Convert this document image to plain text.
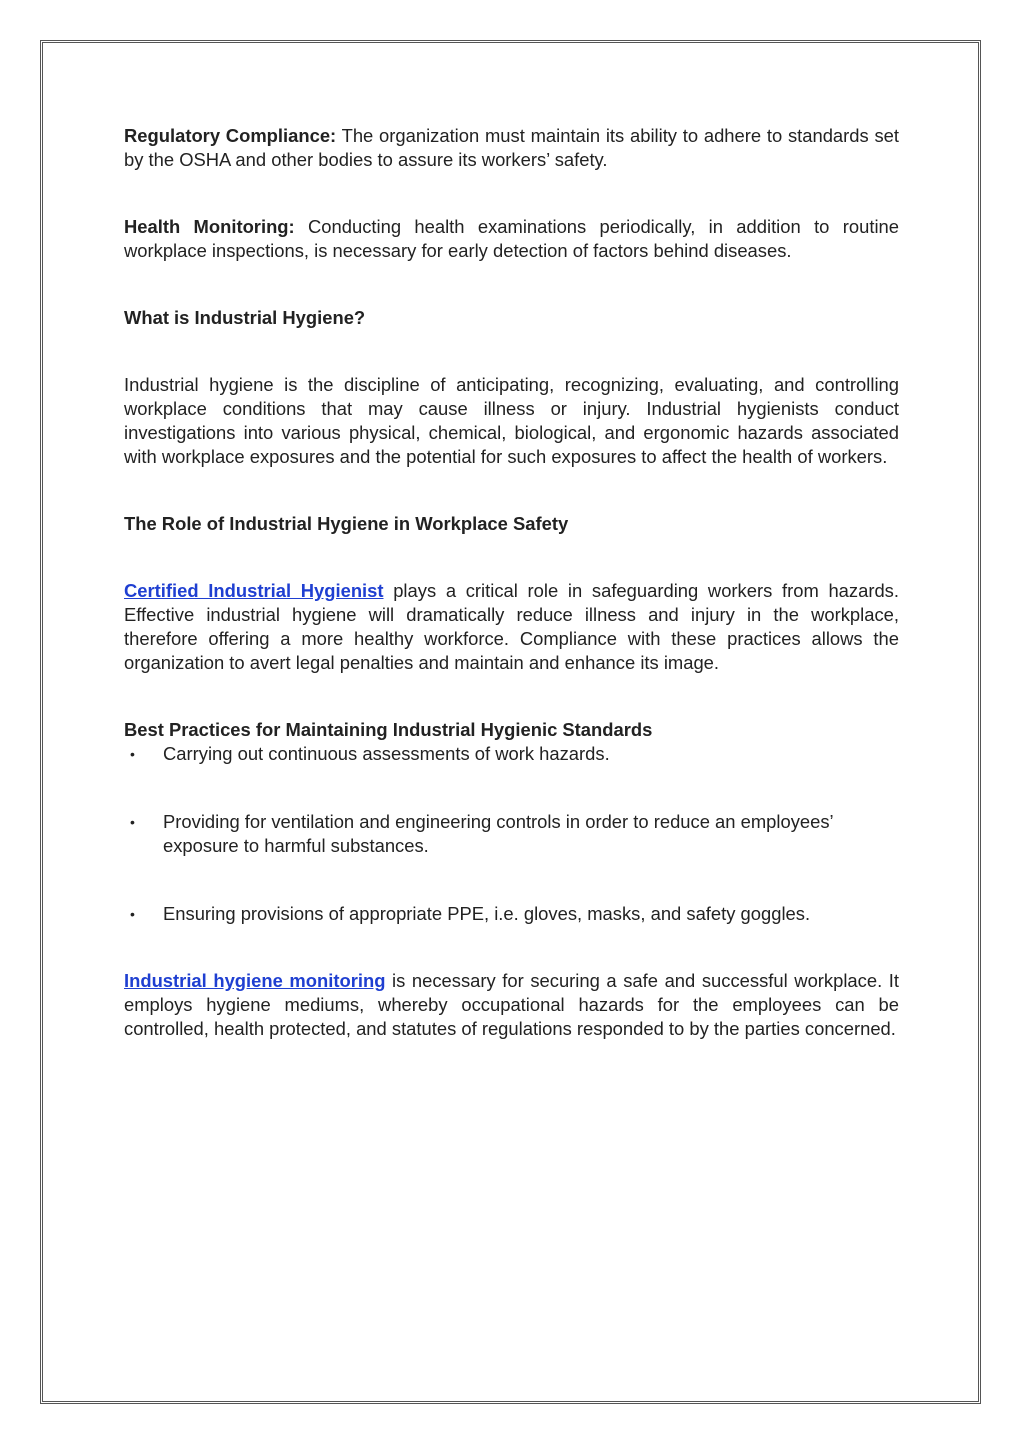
Regulatory Compliance: The organization must maintain its ability to adhere to standards set by the OSHA and other bodies to assure its workers’ safety.

Health Monitoring: Conducting health examinations periodically, in addition to routine workplace inspections, is necessary for early detection of factors behind diseases.

What is Industrial Hygiene?

Industrial hygiene is the discipline of anticipating, recognizing, evaluating, and controlling workplace conditions that may cause illness or injury. Industrial hygienists conduct investigations into various physical, chemical, biological, and ergonomic hazards associated with workplace exposures and the potential for such exposures to affect the health of workers.

The Role of Industrial Hygiene in Workplace Safety

Certified Industrial Hygienist plays a critical role in safeguarding workers from hazards. Effective industrial hygiene will dramatically reduce illness and injury in the workplace, therefore offering a more healthy workforce. Compliance with these practices allows the organization to avert legal penalties and maintain and enhance its image.

Best Practices for Maintaining Industrial Hygienic Standards

• Carrying out continuous assessments of work hazards.
• Providing for ventilation and engineering controls in order to reduce an employees’ exposure to harmful substances.
• Ensuring provisions of appropriate PPE, i.e. gloves, masks, and safety goggles.

Industrial hygiene monitoring is necessary for securing a safe and successful workplace. It employs hygiene mediums, whereby occupational hazards for the employees can be controlled, health protected, and statutes of regulations responded to by the parties concerned.
